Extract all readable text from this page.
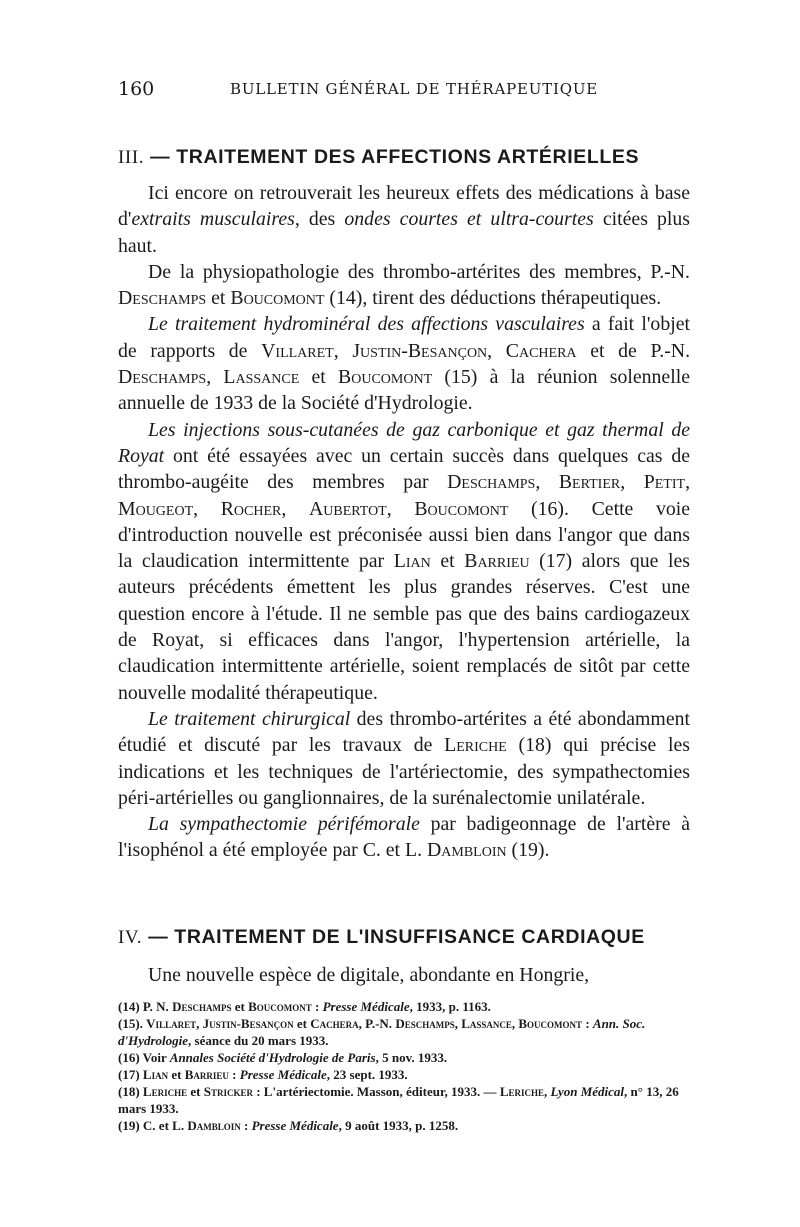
160	BULLETIN GÉNÉRAL DE THÉRAPEUTIQUE
III. — TRAITEMENT DES AFFECTIONS ARTÉRIELLES

Ici encore on retrouverait les heureux effets des médications à base d'extraits musculaires, des ondes courtes et ultra-courtes citées plus haut.

De la physiopathologie des thrombo-artérites des membres, P.-N. Deschamps et Boucomont (14), tirent des déductions thérapeutiques.

Le traitement hydrominéral des affections vasculaires a fait l'objet de rapports de Villaret, Justin-Besançon, Cachera et de P.-N. Deschamps, Lassance et Boucomont (15) à la réunion solennelle annuelle de 1933 de la Société d'Hydrologie.

Les injections sous-cutanées de gaz carbonique et gaz thermal de Royat ont été essayées avec un certain succès dans quelques cas de thrombo-augéite des membres par Deschamps, Bertier, Petit, Mougeot, Rocher, Aubertot, Boucomont (16). Cette voie d'introduction nouvelle est préconisée aussi bien dans l'angor que dans la claudication intermittente par Lian et Barrieu (17) alors que les auteurs précédents émettent les plus grandes réserves. C'est une question encore à l'étude. Il ne semble pas que des bains cardiogazeux de Royat, si efficaces dans l'angor, l'hypertension artérielle, la claudication intermittente artérielle, soient remplacés de sitôt par cette nouvelle modalité thérapeutique.

Le traitement chirurgical des thrombo-artérites a été abondamment étudié et discuté par les travaux de Leriche (18) qui précise les indications et les techniques de l'artériectomie, des sympathectomies péri-artérielles ou ganglionnaires, de la surénalectomie unilatérale.

La sympathectomie périfémorale par badigeonnage de l'artère à l'isophénol a été employée par C. et L. Dambloin (19).

IV. — TRAITEMENT DE L'INSUFFISANCE CARDIAQUE

Une nouvelle espèce de digitale, abondante en Hongrie,

(14) P. N. Deschamps et Boucomont : Presse Médicale, 1933, p. 1163.

(15). Villaret, Justin-Besançon et Cachera, P.-N. Deschamps, Lassance, Boucomont : Ann. Soc. d'Hydrologie, séance du 20 mars 1933.

(16) Voir Annales Société d'Hydrologie de Paris, 5 nov. 1933.

(17) Lian et Barrieu : Presse Médicale, 23 sept. 1933.

(18) Leriche et Stricker : L'artériectomie. Masson, éditeur, 1933. — Leriche, Lyon Médical, n° 13, 26 mars 1933.

(19) C. et L. Dambloin : Presse Médicale, 9 août 1933, p. 1258.
